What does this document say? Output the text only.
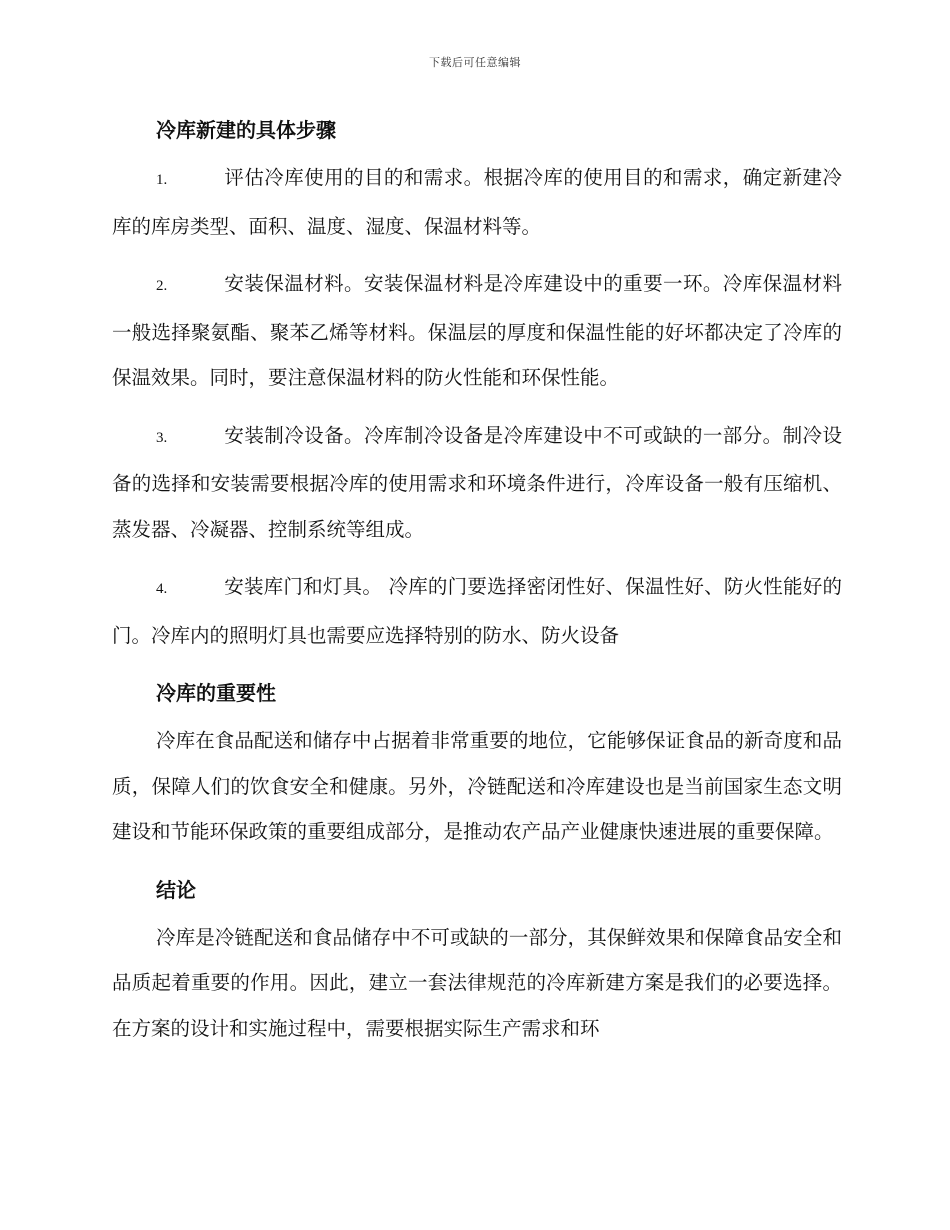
下载后可任意编辑
冷库新建的具体步骤

1.	评估冷库使用的目的和需求。根据冷库的使用目的和需求，确定新建冷库的库房类型、面积、温度、湿度、保温材料等。

2.	安装保温材料。安装保温材料是冷库建设中的重要一环。冷库保温材料一般选择聚氨酯、聚苯乙烯等材料。保温层的厚度和保温性能的好坏都决定了冷库的保温效果。同时，要注意保温材料的防火性能和环保性能。

3.	安装制冷设备。冷库制冷设备是冷库建设中不可或缺的一部分。制冷设备的选择和安装需要根据冷库的使用需求和环境条件进行，冷库设备一般有压缩机、蒸发器、冷凝器、控制系统等组成。

4.	安装库门和灯具。 冷库的门要选择密闭性好、保温性好、防火性能好的门。冷库内的照明灯具也需要应选择特别的防水、防火设备

冷库的重要性

冷库在食品配送和储存中占据着非常重要的地位，它能够保证食品的新奇度和品质，保障人们的饮食安全和健康。另外，冷链配送和冷库建设也是当前国家生态文明建设和节能环保政策的重要组成部分，是推动农产品产业健康快速进展的重要保障。

结论

冷库是冷链配送和食品储存中不可或缺的一部分，其保鲜效果和保障食品安全和品质起着重要的作用。因此，建立一套法律规范的冷库新建方案是我们的必要选择。在方案的设计和实施过程中，需要根据实际生产需求和环
